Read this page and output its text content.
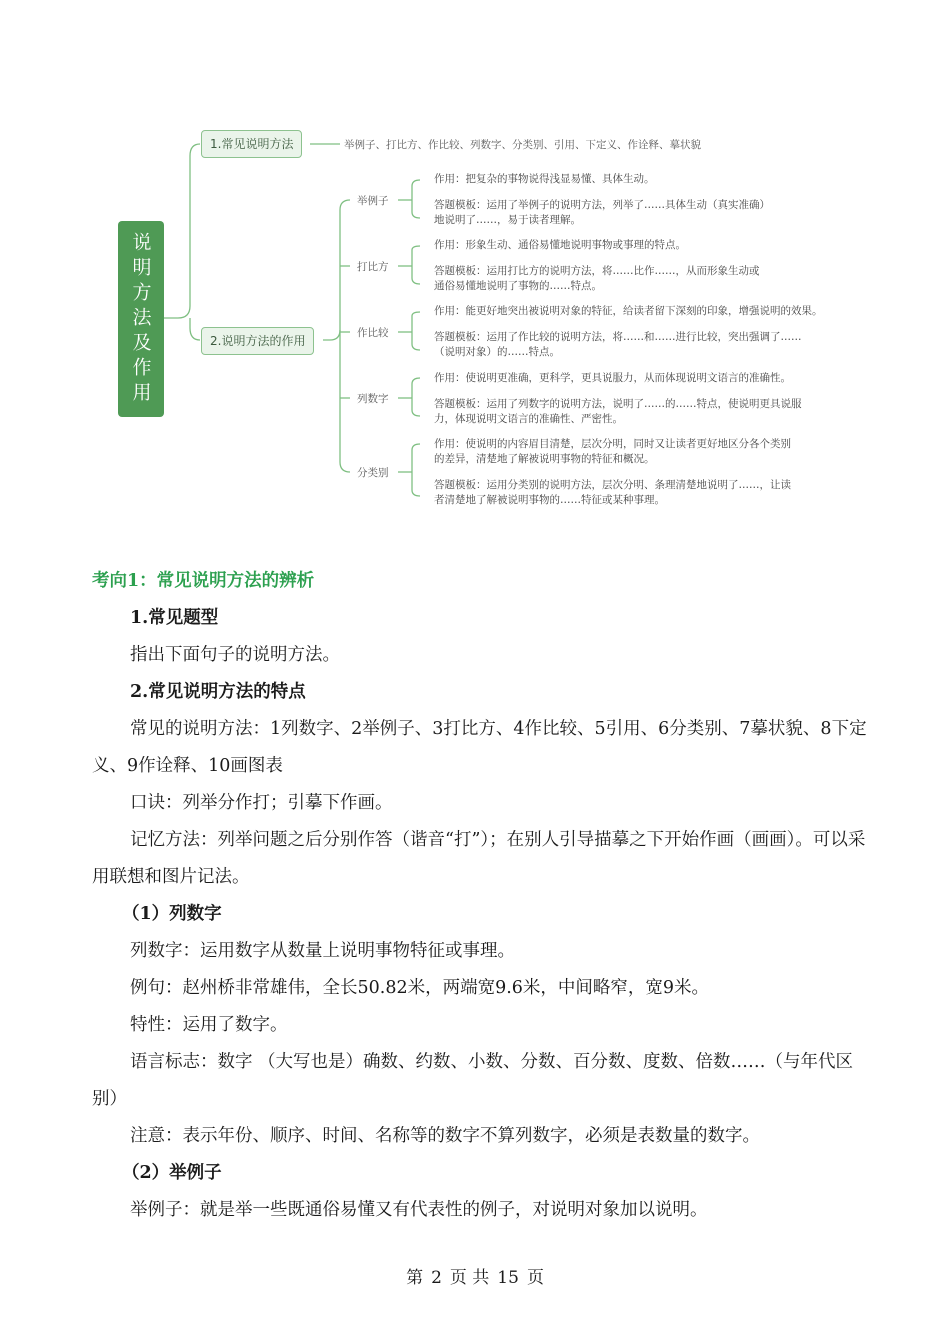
说明方法及作用
1.常见说明方法	举例子、打比方、作比较、列数字、分类别、引用、下定义、作诠释、摹状貌
2.说明方法的作用
举例子
作用：把复杂的事物说得浅显易懂、具体生动。
答题模板：运用了举例子的说明方法，列举了……具体生动（真实准确）地说明了……，易于读者理解。
打比方
作用：形象生动、通俗易懂地说明事物或事理的特点。
答题模板：运用打比方的说明方法，将……比作……，从而形象生动或通俗易懂地说明了事物的……特点。
作比较
作用：能更好地突出被说明对象的特征，给读者留下深刻的印象，增强说明的效果。
答题模板：运用了作比较的说明方法，将……和……进行比较，突出强调了……（说明对象）的……特点。
列数字
作用：使说明更准确，更科学，更具说服力，从而体现说明文语言的准确性。
答题模板：运用了列数字的说明方法，说明了……的……特点，使说明更具说服力，体现说明文语言的准确性、严密性。
分类别
作用：使说明的内容眉目清楚，层次分明，同时又让读者更好地区分各个类别的差异，清楚地了解被说明事物的特征和概况。
答题模板：运用分类别的说明方法，层次分明、条理清楚地说明了……，让读者清楚地了解被说明事物的……特征或某种事理。
考向1：常见说明方法的辨析
1.常见题型
指出下面句子的说明方法。
2.常见说明方法的特点
常见的说明方法：1列数字、2举例子、3打比方、4作比较、5引用、6分类别、7摹状貌、8下定义、9作诠释、10画图表
口诀：列举分作打；引摹下作画。
记忆方法：列举问题之后分别作答（谐音“打”）；在别人引导描摹之下开始作画（画画）。可以采用联想和图片记法。
（1）列数字
列数字：运用数字从数量上说明事物特征或事理。
例句：赵州桥非常雄伟，全长50.82米，两端宽9.6米，中间略窄，宽9米。
特性：运用了数字。
语言标志：数字 （大写也是）确数、约数、小数、分数、百分数、度数、倍数……（与年代区别）
注意：表示年份、顺序、时间、名称等的数字不算列数字，必须是表数量的数字。
（2）举例子
举例子：就是举一些既通俗易懂又有代表性的例子，对说明对象加以说明。
第 2 页 共 15 页
